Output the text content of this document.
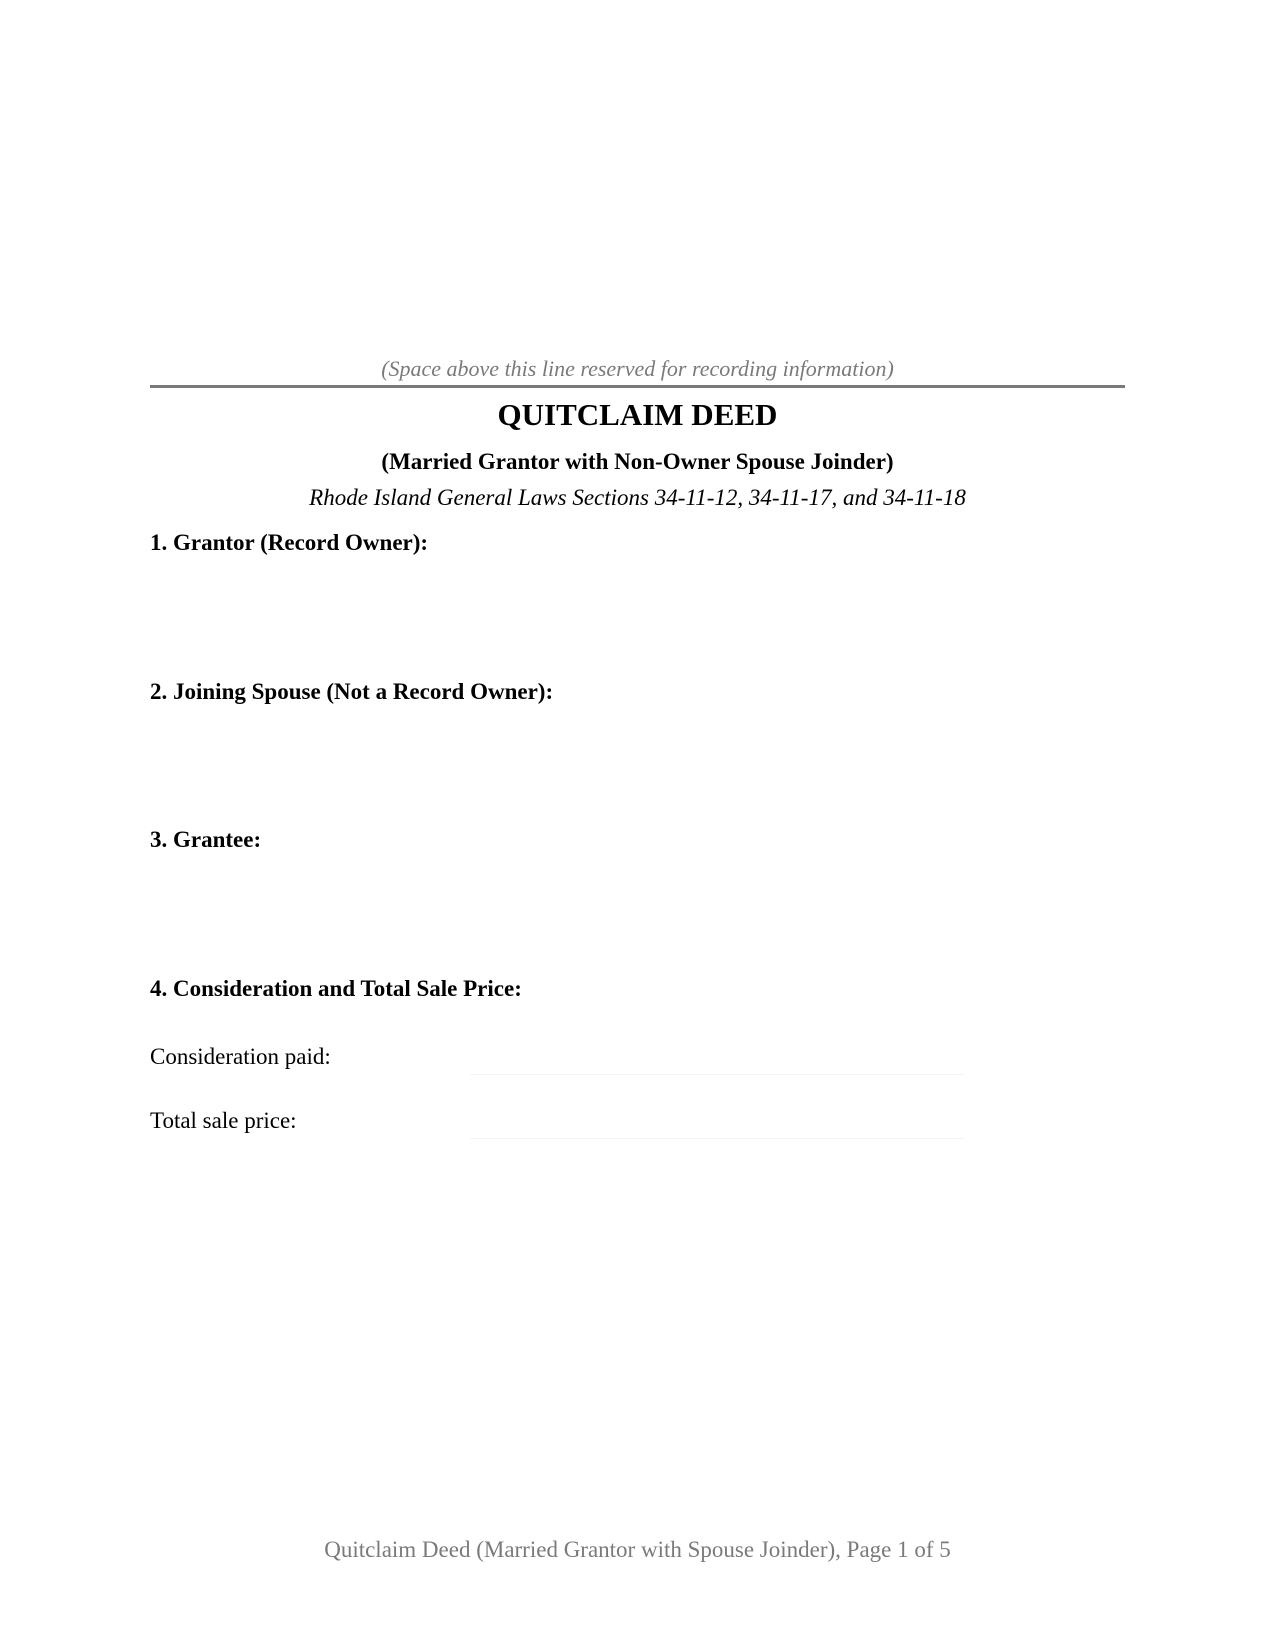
(Space above this line reserved for recording information)
QUITCLAIM DEED
(Married Grantor with Non-Owner Spouse Joinder)
Rhode Island General Laws Sections 34-11-12, 34-11-17, and 34-11-18
1. Grantor (Record Owner):
2. Joining Spouse (Not a Record Owner):
3. Grantee:
4. Consideration and Total Sale Price:
Consideration paid:
Total sale price:
Quitclaim Deed (Married Grantor with Spouse Joinder), Page 1 of 5
